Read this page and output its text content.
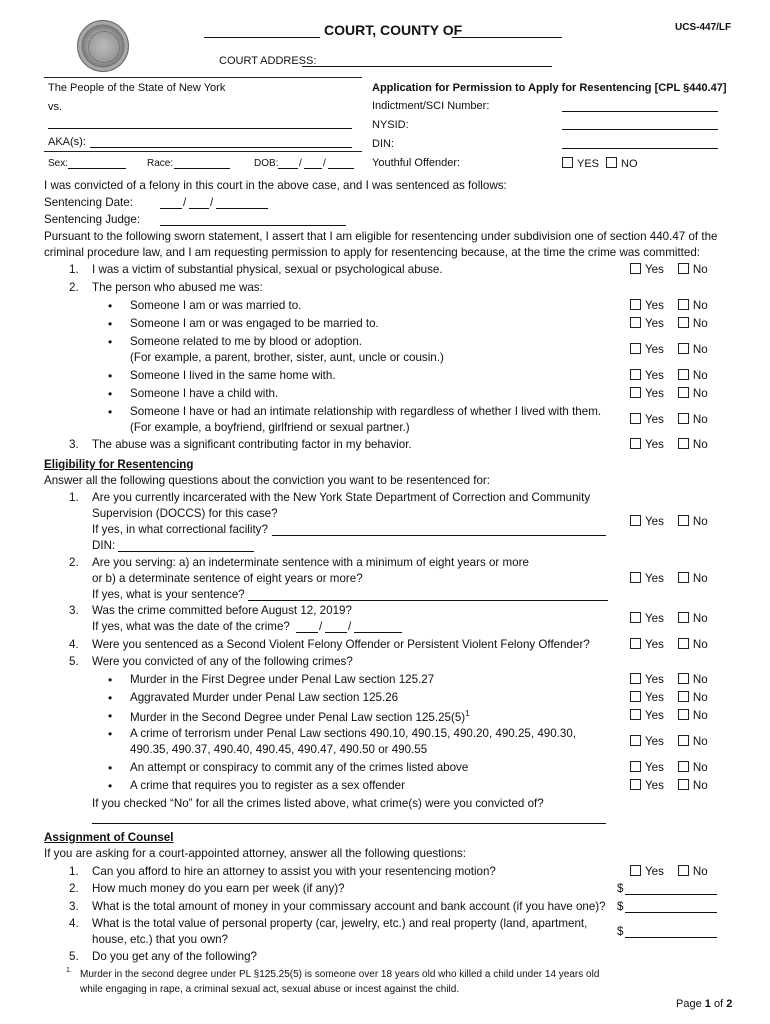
COURT, COUNTY OF	UCS-447/LF
COURT ADDRESS:
The People of the State of New York
vs.
AKA(s):
Sex:	Race:	DOB: / /
Application for Permission to Apply for Resentencing [CPL §440.47]
Indictment/SCI Number:
NYSID:
DIN:
Youthful Offender:	YES	NO
I was convicted of a felony in this court in the above case, and I was sentenced as follows:
Sentencing Date:	/ /
Sentencing Judge:
Pursuant to the following sworn statement, I assert that I am eligible for resentencing under subdivision one of section 440.47 of the
criminal procedure law, and I am requesting permission to apply for resentencing because, at the time the crime was committed:
1. I was a victim of substantial physical, sexual or psychological abuse.	Yes	No
2. The person who abused me was:
• Someone I am or was married to.	Yes	No
• Someone I am or was engaged to be married to.	Yes	No
• Someone related to me by blood or adoption.
(For example, a parent, brother, sister, aunt, uncle or cousin.)
Yes	No
• Someone I lived in the same home with.	Yes	No
• Someone I have a child with.	Yes	No
• Someone I have or had an intimate relationship with regardless of whether I lived with them.
(For example, a boyfriend, girlfriend or sexual partner.)
Yes	No
3. The abuse was a significant contributing factor in my behavior.	Yes	No
Eligibility for Resentencing
Answer all the following questions about the conviction you want to be resentenced for:
1. Are you currently incarcerated with the New York State Department of Correction and Community
Supervision (DOCCS) for this case?
If yes, in what correctional facility?
DIN:
Yes	No
2. Are you serving: a) an indeterminate sentence with a minimum of eight years or more
or b) a determinate sentence of eight years or more?
If yes, what is your sentence?
Yes	No
3. Was the crime committed before August 12, 2019?
If yes, what was the date of the crime?	/ /
Yes	No
4. Were you sentenced as a Second Violent Felony Offender or Persistent Violent Felony Offender?	Yes	No
5. Were you convicted of any of the following crimes?
• Murder in the First Degree under Penal Law section 125.27	Yes	No
• Aggravated Murder under Penal Law section 125.26	Yes	No
• Murder in the Second Degree under Penal Law section $125.25(5)^1$	Yes	No
• A crime of terrorism under Penal Law sections 490.10, 490.15, 490.20, 490.25, 490.30,
490.35, 490.37, 490.40, 490.45, 490.47, 490.50 or 490.55
Yes	No
• An attempt or conspiracy to commit any of the crimes listed above	Yes	No
• A crime that requires you to register as a sex offender	Yes	No
If you checked “No” for all the crimes listed above, what crime(s) were you convicted of?
Assignment of Counsel
If you are asking for a court-appointed attorney, answer all the following questions:
1. Can you afford to hire an attorney to assist you with your resentencing motion?	Yes	No
2. How much money do you earn per week (if any)?	$
3. What is the total amount of money in your commissary account and bank account (if you have one)? $
4. What is the total value of personal property (car, jewelry, etc.) and real property (land, apartment,
house, etc.) that you own?
$
5. Do you get any of the following?
1. Murder in the second degree under PL §125.25(5) is someone over 18 years old who killed a child under 14 years old
while engaging in rape, a criminal sexual act, sexual abuse or incest against the child.
Page 1 of 2
